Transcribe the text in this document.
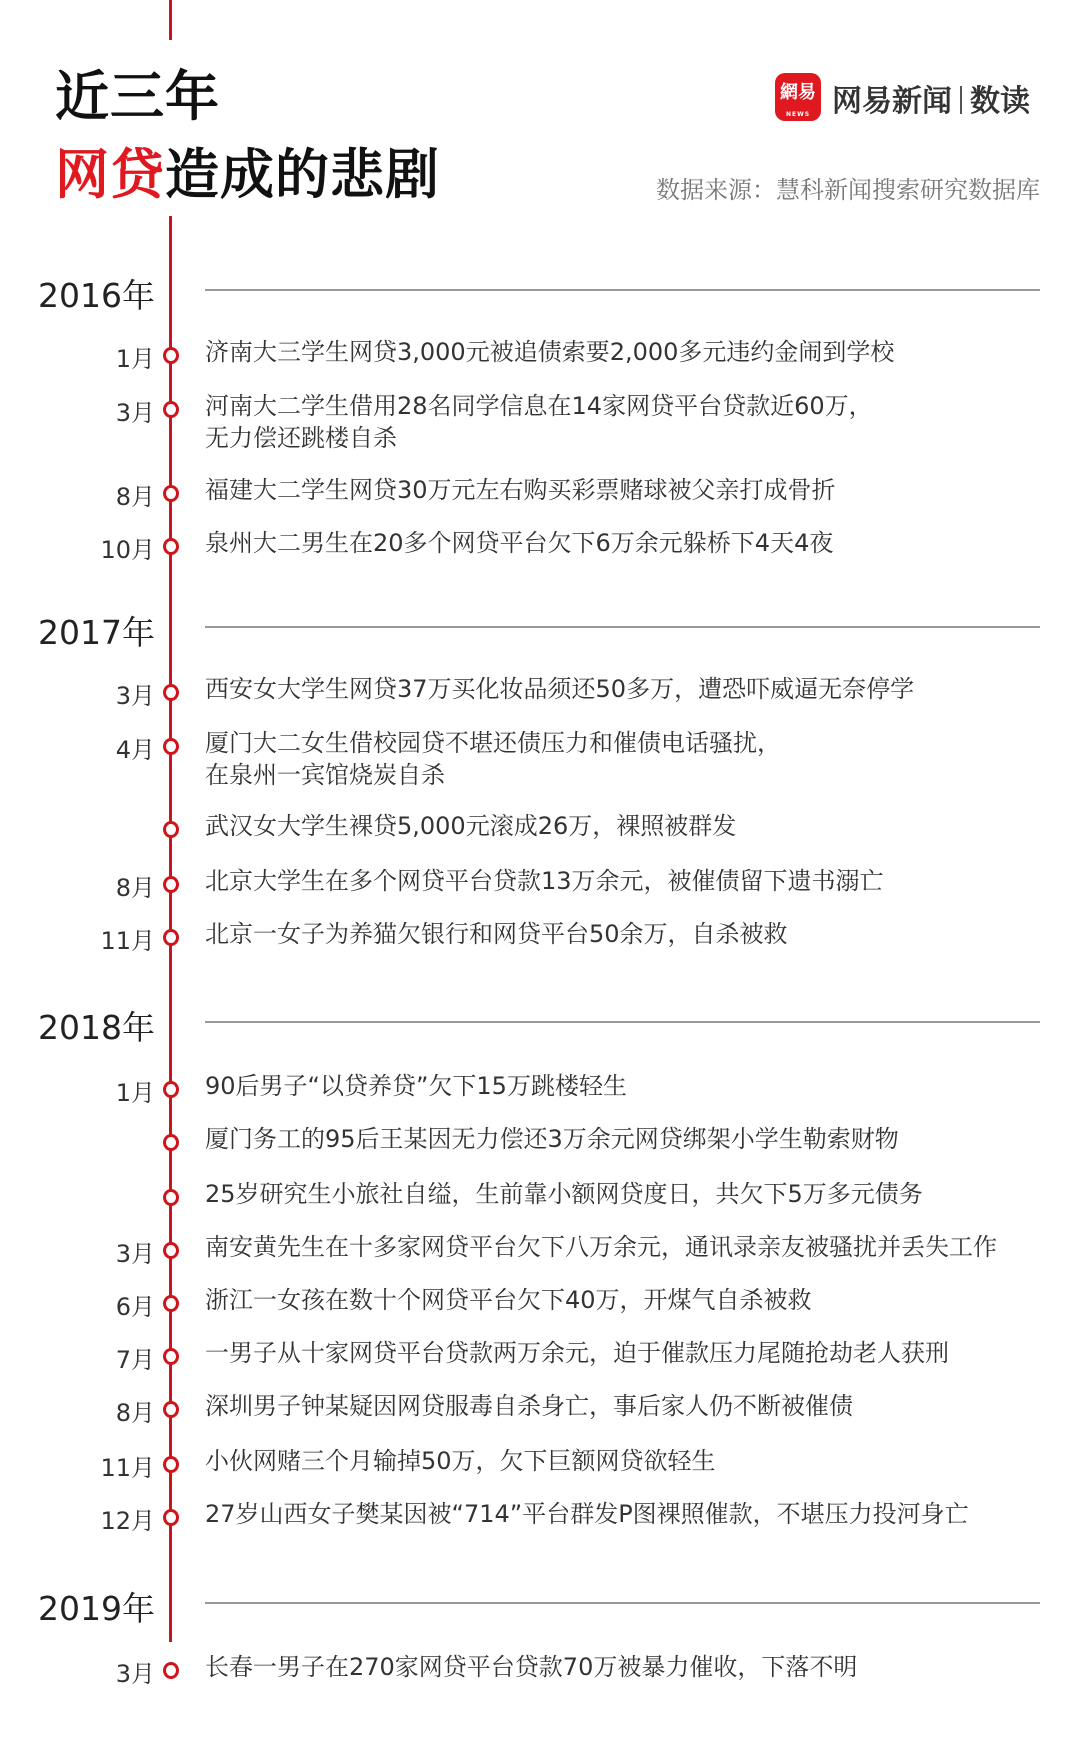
近三年
网贷造成的悲剧
網易
NEWS 网易新闻 数读
数据来源：慧科新闻搜索研究数据库
2016年
1月 济南大三学生网贷3,000元被追债索要2,000多元违约金闹到学校
3月 河南大二学生借用28名同学信息在14家网贷平台贷款近60万，
无力偿还跳楼自杀
8月 福建大二学生网贷30万元左右购买彩票赌球被父亲打成骨折
10月 泉州大二男生在20多个网贷平台欠下6万余元躲桥下4天4夜
2017年
3月 西安女大学生网贷37万买化妆品须还50多万，遭恐吓威逼无奈停学
4月 厦门大二女生借校园贷不堪还债压力和催债电话骚扰，
在泉州一宾馆烧炭自杀
武汉女大学生裸贷5,000元滚成26万，裸照被群发
8月 北京大学生在多个网贷平台贷款13万余元，被催债留下遗书溺亡
11月 北京一女子为养猫欠银行和网贷平台50余万，自杀被救
2018年
1月 90后男子“以贷养贷”欠下15万跳楼轻生
厦门务工的95后王某因无力偿还3万余元网贷绑架小学生勒索财物
25岁研究生小旅社自缢，生前靠小额网贷度日，共欠下5万多元债务
3月 南安黄先生在十多家网贷平台欠下八万余元，通讯录亲友被骚扰并丢失工作
6月 浙江一女孩在数十个网贷平台欠下40万，开煤气自杀被救
7月 一男子从十家网贷平台贷款两万余元，迫于催款压力尾随抢劫老人获刑
8月 深圳男子钟某疑因网贷服毒自杀身亡，事后家人仍不断被催债
11月 小伙网赌三个月输掉50万，欠下巨额网贷欲轻生
12月 27岁山西女子樊某因被“714”平台群发P图裸照催款，不堪压力投河身亡
2019年
3月 长春一男子在270家网贷平台贷款70万被暴力催收，下落不明
